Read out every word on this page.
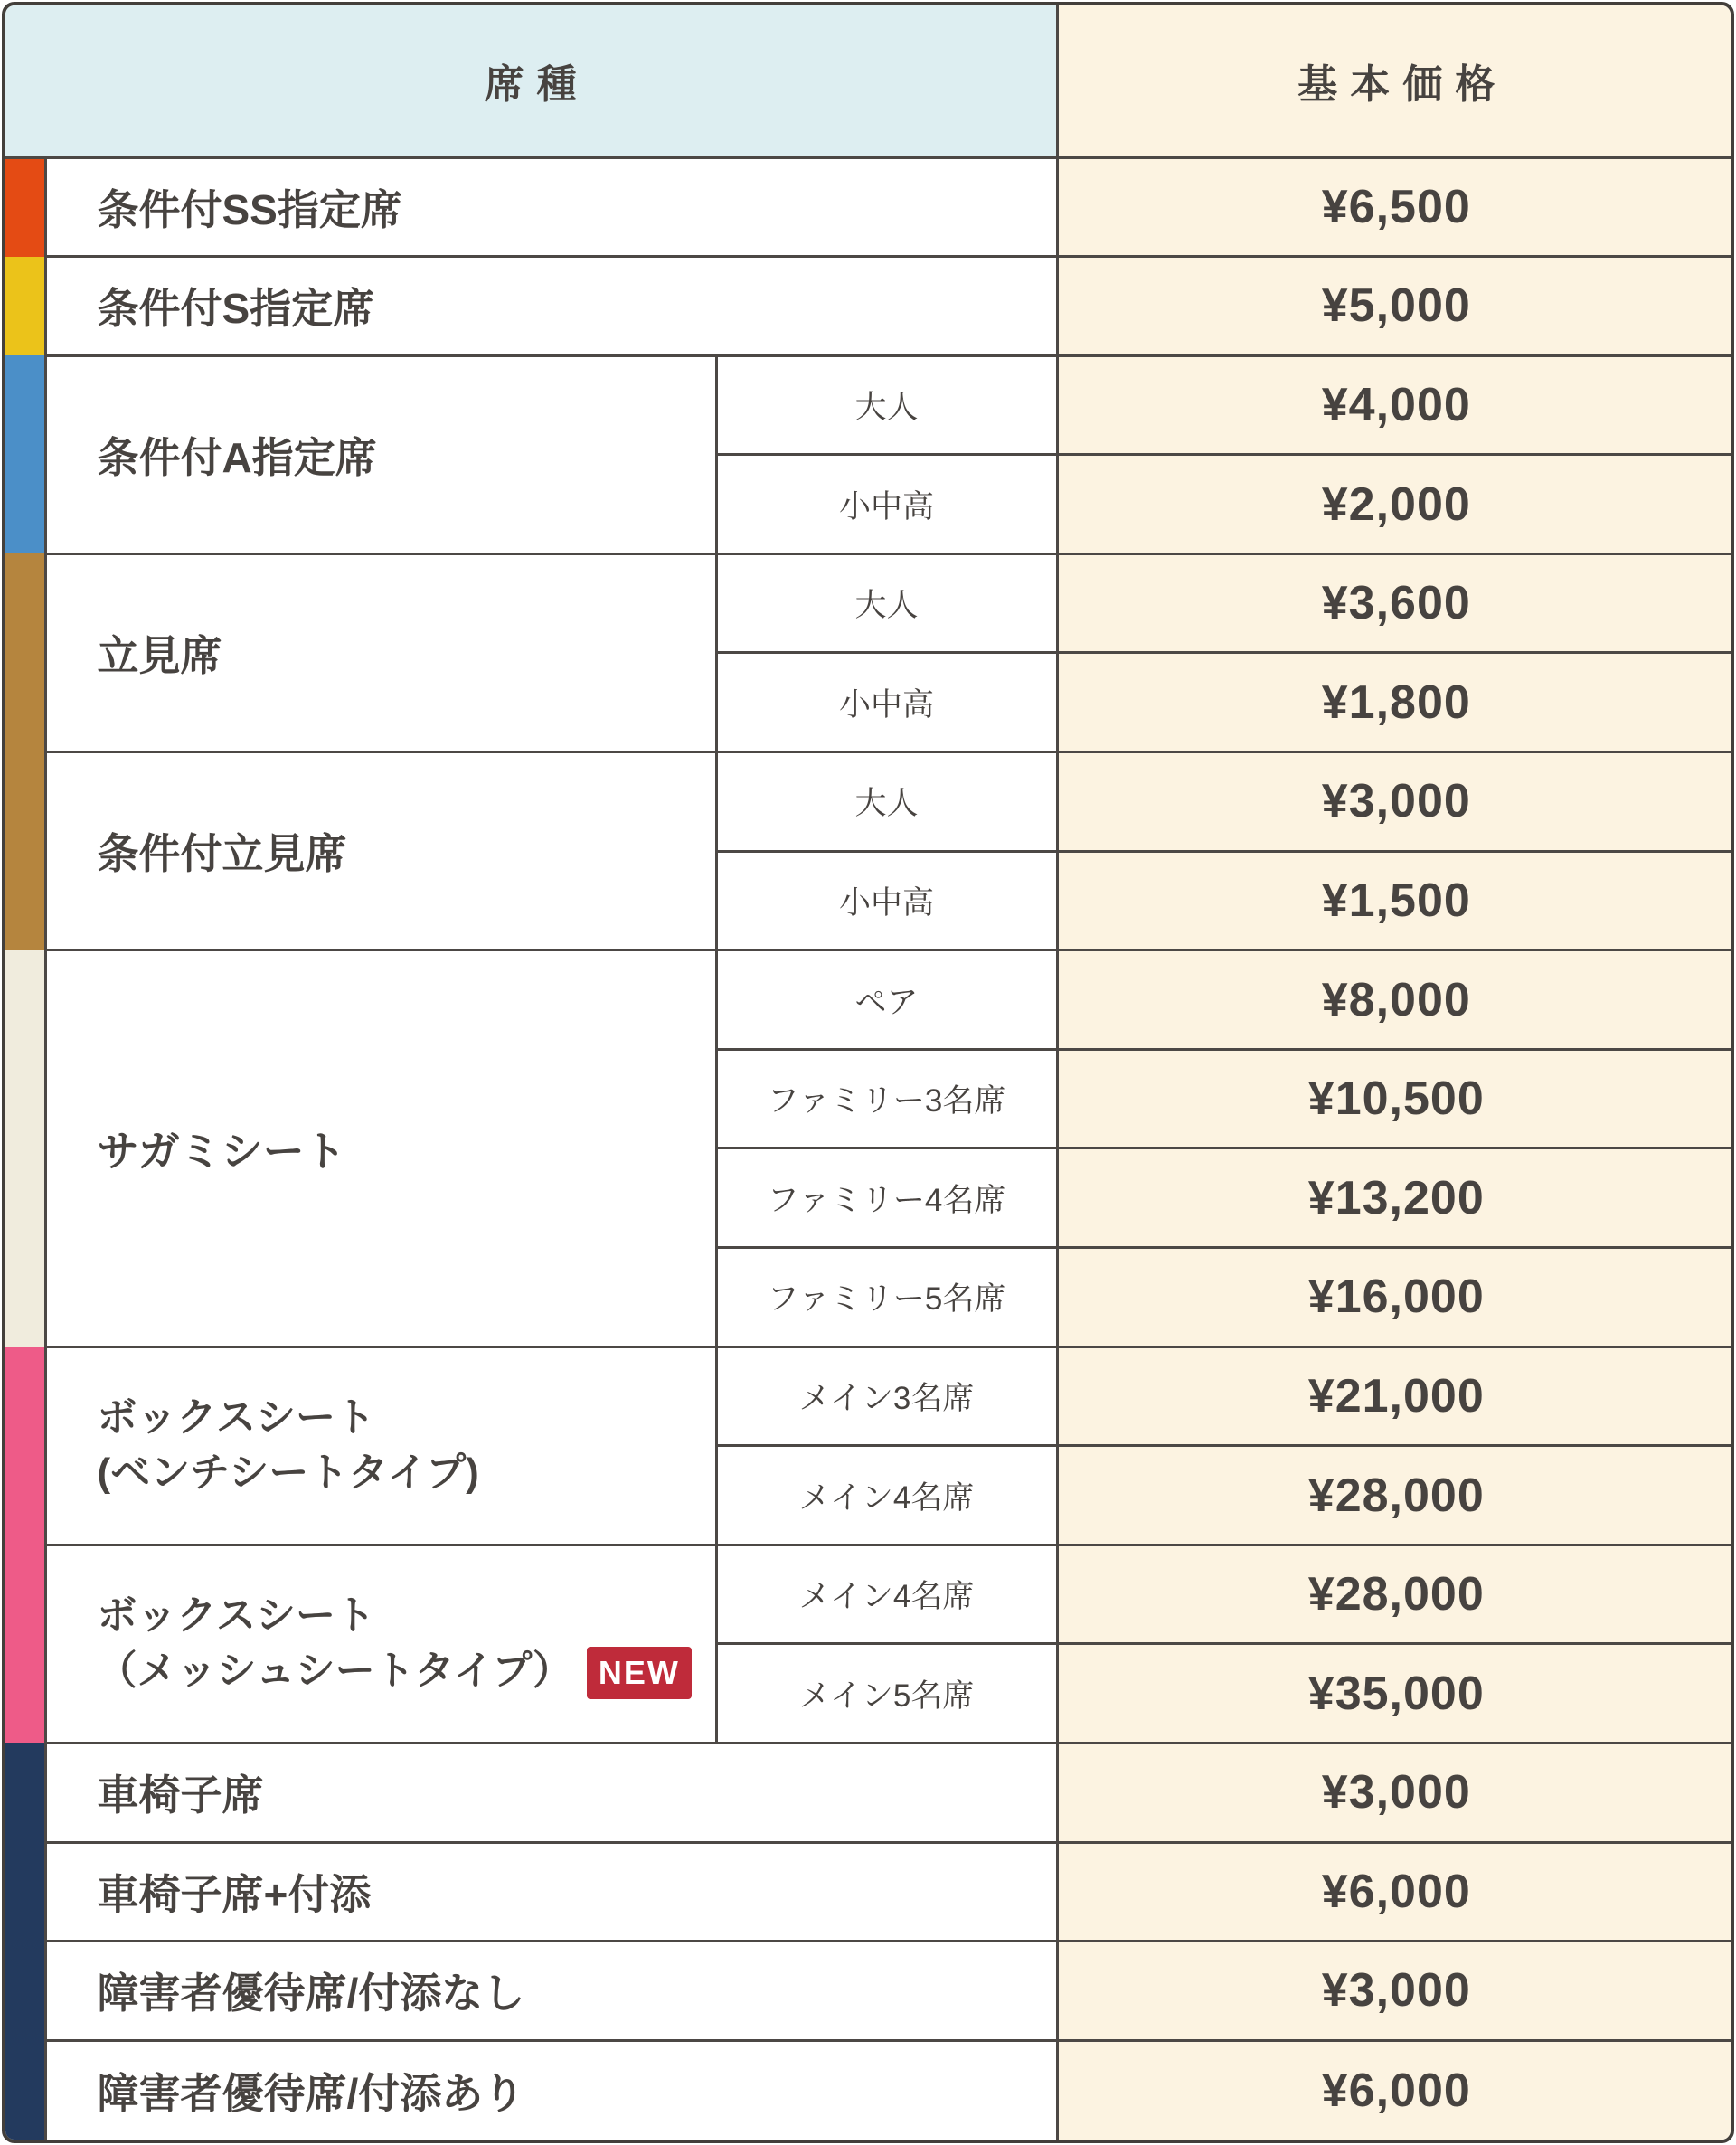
席種			基本価格
	条件付SS指定席		¥6,500
	条件付S指定席		¥5,000
	条件付A指定席	大人	¥4,000
		小中高	¥2,000
	立見席	大人	¥3,600
		小中高	¥1,800
	条件付立見席	大人	¥3,000
		小中高	¥1,500
	サガミシート	ペア	¥8,000
		ファミリー3名席	¥10,500
		ファミリー4名席	¥13,200
		ファミリー5名席	¥16,000

	ボックスシート
(ベンチシートタイプ)	メイン3名席	¥21,000
		メイン4名席	¥28,000

	ボックスシート
（メッシュシートタイプ） NEW	メイン4名席	¥28,000
		メイン5名席	¥35,000
	車椅子席		¥3,000
	車椅子席+付添		¥6,000
	障害者優待席/付添なし		¥3,000
	障害者優待席/付添あり		¥6,000
